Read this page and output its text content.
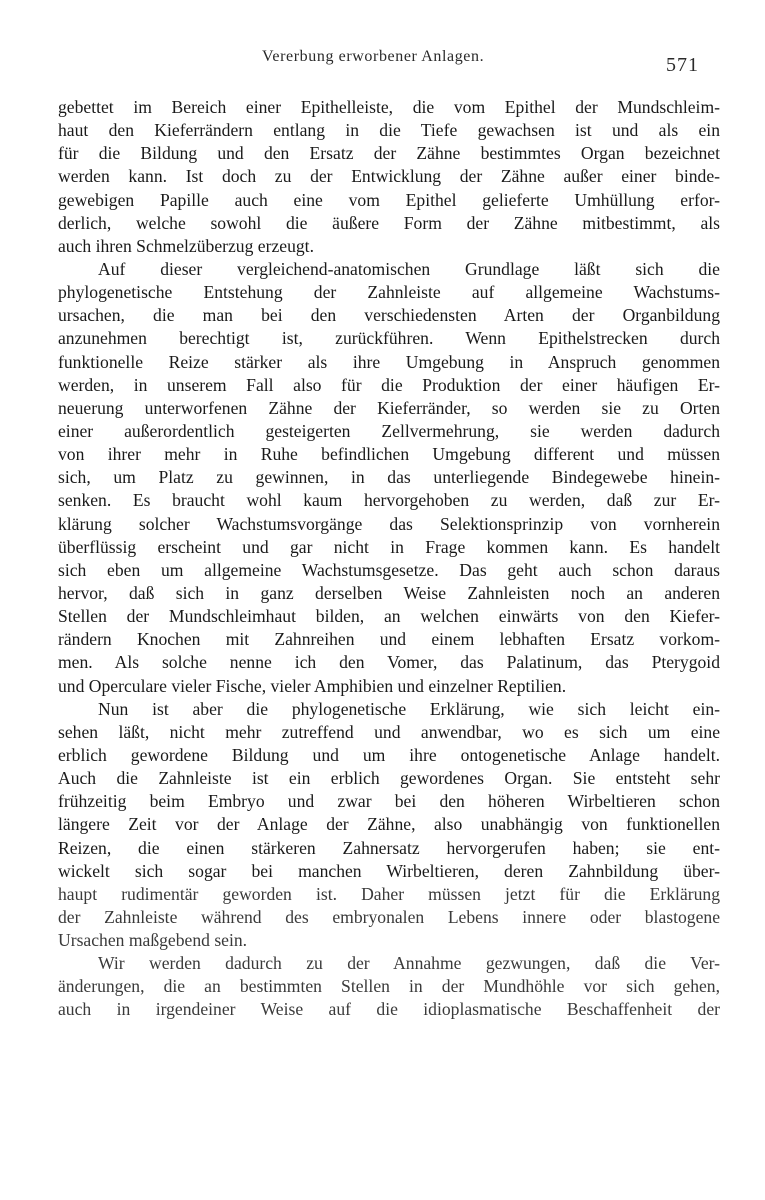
Vererbung erworbener Anlagen.	571
gebettet im Bereich einer Epithelleiste, die vom Epithel der Mundschleim-
haut den Kieferrändern entlang in die Tiefe gewachsen ist und als ein
für die Bildung und den Ersatz der Zähne bestimmtes Organ bezeichnet
werden kann. Ist doch zu der Entwicklung der Zähne außer einer binde-
gewebigen Papille auch eine vom Epithel gelieferte Umhüllung erfor-
derlich, welche sowohl die äußere Form der Zähne mitbestimmt, als
auch ihren Schmelzüberzug erzeugt.
Auf dieser vergleichend-anatomischen Grundlage läßt sich die
phylogenetische Entstehung der Zahnleiste auf allgemeine Wachstums-
ursachen, die man bei den verschiedensten Arten der Organbildung
anzunehmen berechtigt ist, zurückführen. Wenn Epithelstrecken durch
funktionelle Reize stärker als ihre Umgebung in Anspruch genommen
werden, in unserem Fall also für die Produktion der einer häufigen Er-
neuerung unterworfenen Zähne der Kieferränder, so werden sie zu Orten
einer außerordentlich gesteigerten Zellvermehrung, sie werden dadurch
von ihrer mehr in Ruhe befindlichen Umgebung different und müssen
sich, um Platz zu gewinnen, in das unterliegende Bindegewebe hinein-
senken. Es braucht wohl kaum hervorgehoben zu werden, daß zur Er-
klärung solcher Wachstumsvorgänge das Selektionsprinzip von vornherein
überflüssig erscheint und gar nicht in Frage kommen kann. Es handelt
sich eben um allgemeine Wachstumsgesetze. Das geht auch schon daraus
hervor, daß sich in ganz derselben Weise Zahnleisten noch an anderen
Stellen der Mundschleimhaut bilden, an welchen einwärts von den Kiefer-
rändern Knochen mit Zahnreihen und einem lebhaften Ersatz vorkom-
men. Als solche nenne ich den Vomer, das Palatinum, das Pterygoid
und Operculare vieler Fische, vieler Amphibien und einzelner Reptilien.
Nun ist aber die phylogenetische Erklärung, wie sich leicht ein-
sehen läßt, nicht mehr zutreffend und anwendbar, wo es sich um eine
erblich gewordene Bildung und um ihre ontogenetische Anlage handelt.
Auch die Zahnleiste ist ein erblich gewordenes Organ. Sie entsteht sehr
frühzeitig beim Embryo und zwar bei den höheren Wirbeltieren schon
längere Zeit vor der Anlage der Zähne, also unabhängig von funktionellen
Reizen, die einen stärkeren Zahnersatz hervorgerufen haben; sie ent-
wickelt sich sogar bei manchen Wirbeltieren, deren Zahnbildung über-
haupt rudimentär geworden ist. Daher müssen jetzt für die Erklärung
der Zahnleiste während des embryonalen Lebens innere oder blastogene
Ursachen maßgebend sein.
Wir werden dadurch zu der Annahme gezwungen, daß die Ver-
änderungen, die an bestimmten Stellen in der Mundhöhle vor sich gehen,
auch in irgendeiner Weise auf die idioplasmatische Beschaffenheit der
